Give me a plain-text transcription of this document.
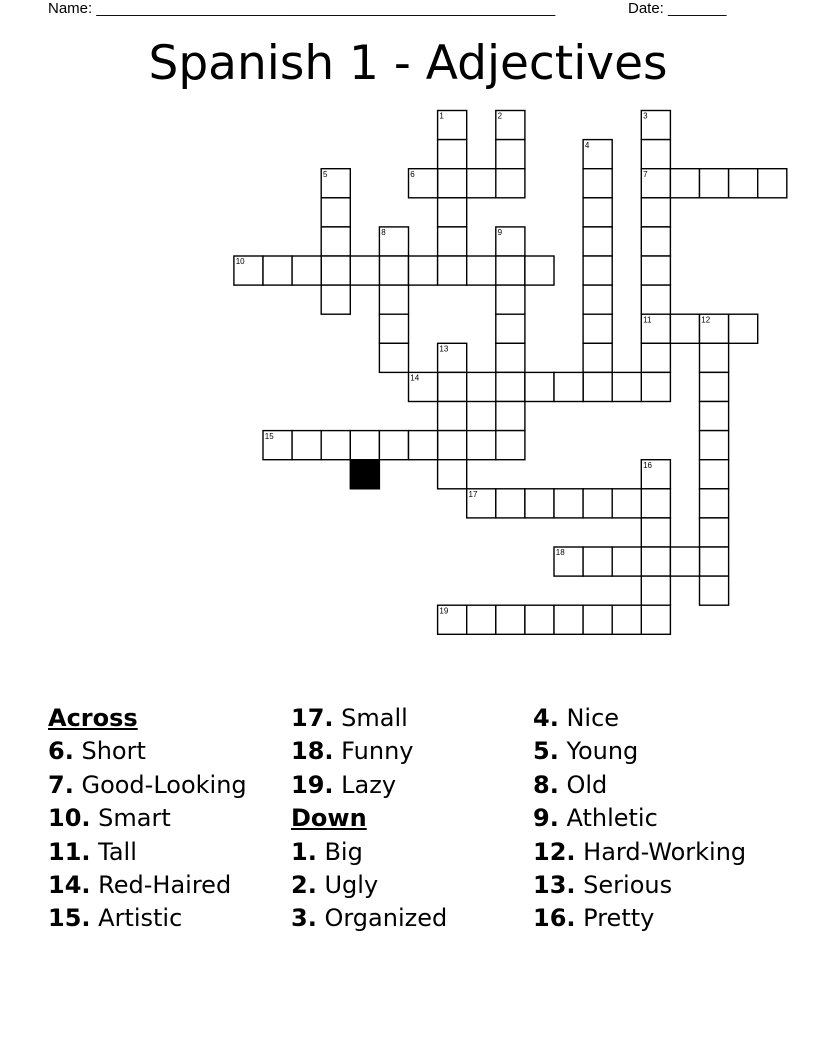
Name: _______________________________________________________	Date: _______
Spanish 1 - Adjectives
1	2	3
4
5	6	7
8	9
10
11	12
13
14
15
16
17
18
19
Across
6. Short
7. Good-Looking
10. Smart
11. Tall
14. Red-Haired
15. Artistic
17. Small
18. Funny
19. Lazy
Down
1. Big
2. Ugly
3. Organized
4. Nice
5. Young
8. Old
9. Athletic
12. Hard-Working
13. Serious
16. Pretty
